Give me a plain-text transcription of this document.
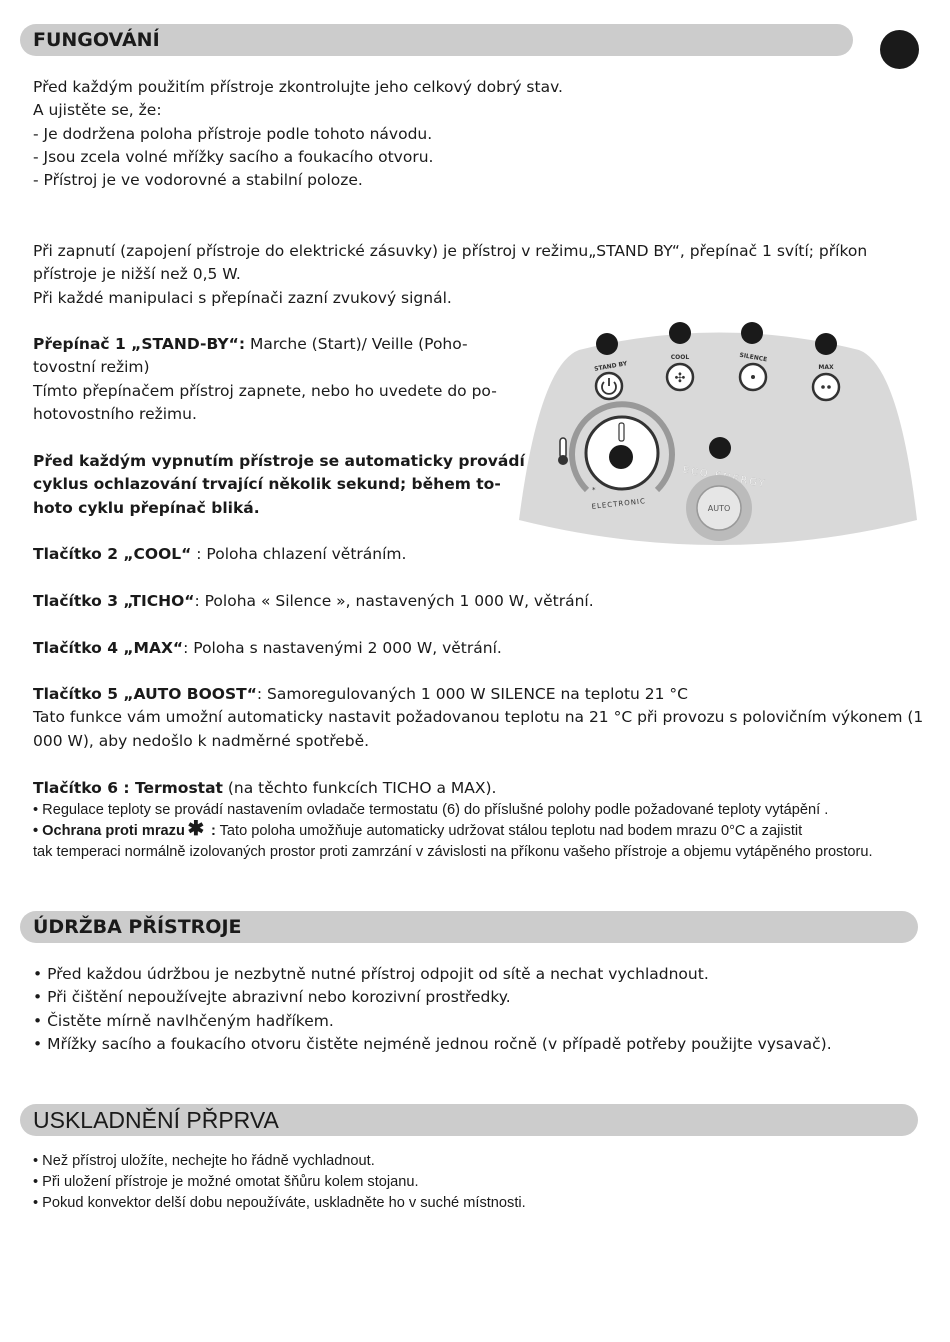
FUNGOVÁNÍ

Před každým použitím přístroje zkontrolujte jeho celkový dobrý stav.

A ujistěte se, že:

- Je dodržena poloha přístroje podle tohoto návodu.

- Jsou zcela volné mřížky sacího a foukacího otvoru.

- Přístroj je ve vodorovné a stabilní poloze.

Při zapnutí (zapojení přístroje do elektrické zásuvky) je přístroj v režimu„STAND BY“, přepínač 1 svítí; příkon

přístroje je nižší než 0,5 W.

Při každé manipulaci s přepínači zazní zvukový signál.

Přepínač 1 „STAND-BY“: Marche (Start)/ Veille (Poho-

tovostní režim)

Tímto přepínačem přístroj zapnete, nebo ho uvedete do po-

hotovostního režimu.

Před každým vypnutím přístroje se automaticky provádí

cyklus ochlazování trvající několik sekund; během to-

hoto cyklu přepínač bliká.

Tlačítko 2 „COOL“ : Poloha chlazení větráním.

Tlačítko 3 „TICHO“: Poloha « Silence », nastavených 1 000 W, větrání.

Tlačítko 4 „MAX“: Poloha s nastavenými 2 000 W, větrání.

Tlačítko 5 „AUTO BOOST“: Samoregulovaných 1 000 W SILENCE na teplotu 21 °C

Tato funkce vám umožní automaticky nastavit požadovanou teplotu na 21 °C při provozu s polovičním výkonem (1

000 W), aby nedošlo k nadměrné spotřebě.

Tlačítko 6 : Termostat (na těchto funkcích TICHO a MAX).

• Regulace teploty se provádí nastavením ovladače termostatu (6) do příslušné polohy podle požadované teploty vytápění .

• Ochrana proti mrazu ✱ : Tato poloha umožňuje automaticky udržovat stálou teplotu nad bodem mrazu 0°C a zajistit

tak temperaci normálně izolovaných prostor proti zamrzání v závislosti na příkonu vašeho přístroje a objemu vytápěného prostoru.

✣
STAND BY
COOL	SILENCE
MAX
*
ELECTRONIC
ECO ENERGY
AUTO
ÚDRŽBA PŘÍSTROJE

• Před každou údržbou je nezbytně nutné přístroj odpojit od sítě a nechat vychladnout.

• Při čištění nepoužívejte abrazivní nebo korozivní prostředky.

• Čistěte mírně navlhčeným hadříkem.

• Mřížky sacího a foukacího otvoru čistěte nejméně jednou ročně (v případě potřeby použijte vysavač).

USKLADNĚNÍ PŘPRVA

• Než přístroj uložíte, nechejte ho řádně vychladnout.

• Při uložení přístroje je možné omotat šňůru kolem stojanu.

• Pokud konvektor delší dobu nepoužíváte, uskladněte ho v suché místnosti.
